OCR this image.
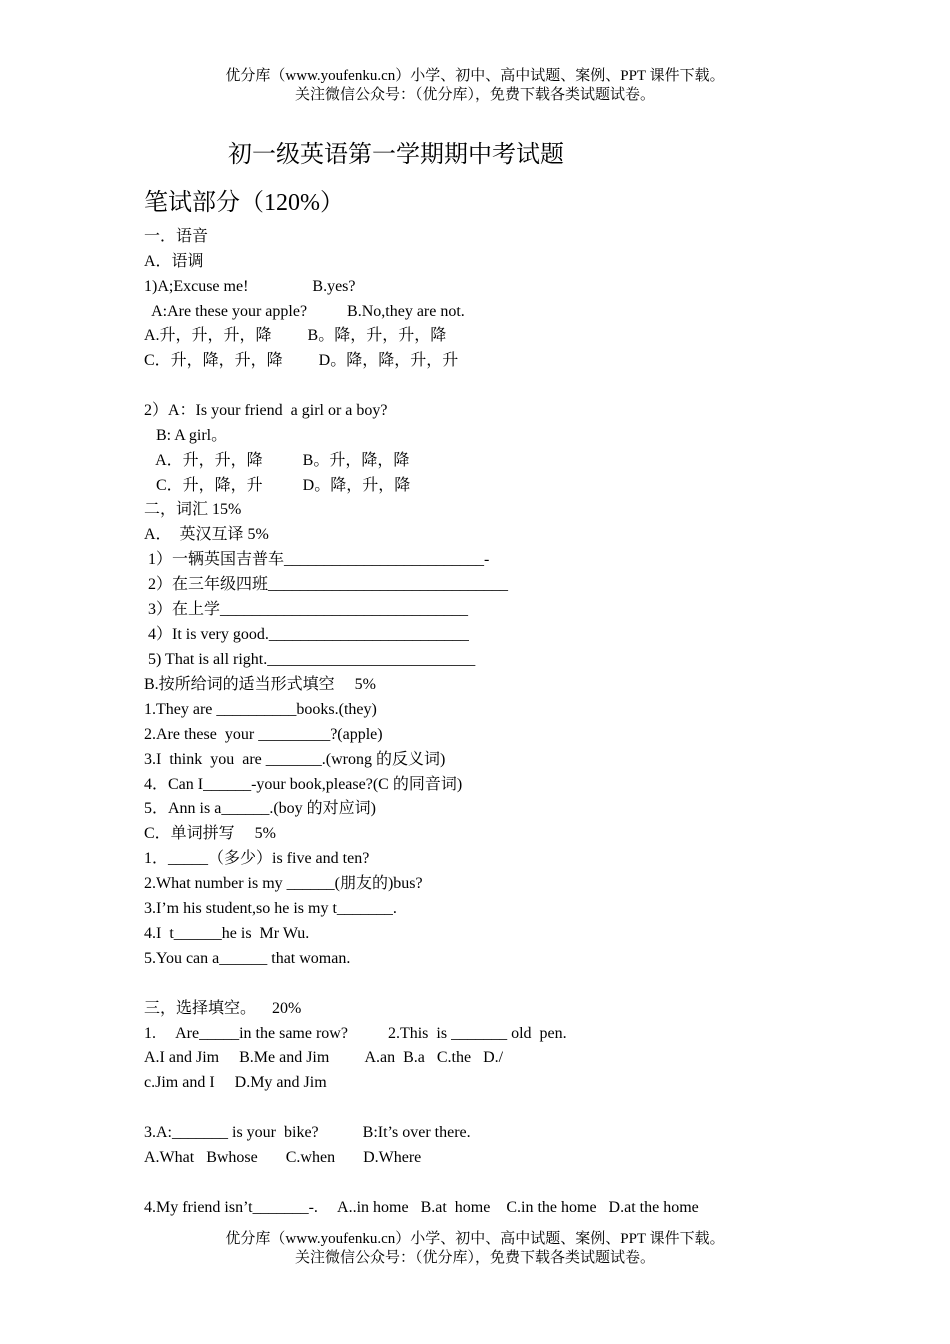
优分库（www.youfenku.cn）小学、初中、高中试题、案例、PPT 课件下载。
关注微信公众号：（优分库），免费下载各类试题试卷。
初一级英语第一学期期中考试题
笔试部分（120%）
一．语音
A．语调
1)A;Excuse me!                B.yes?
A:Are these your apple?          B.No,they are not.
A.升，升，升，降         B。降，升，升，降
C．升，降，升，降         D。降，降，升，升
2）A：Is your friend  a girl or a boy?
B: A girl。
A．升，升，降          B。升，降，降
C．升，降，升          D。降，升，降
二，词汇 15%
A．  英汉互译 5%
1）一辆英国吉普车_________________________-
2）在三年级四班______________________________
3）在上学_______________________________
4）It is very good._________________________
5) That is all right.__________________________
B.按所给词的适当形式填空     5%
1.They are __________books.(they)
2.Are these  your _________?(apple)
3.I  think  you  are _______.(wrong 的反义词)
4．Can I______-your book,please?(C 的同音词)
5．Ann is a______.(boy 的对应词)
C．单词拼写     5%
1．_____（多少）is five and ten?
2.What number is my ______(朋友的)bus?
3.I’m his student,so he is my t_______.
4.I  t______he is  Mr Wu.
5.You can a______ that woman.
三，选择填空。    20%
1.     Are_____in the same row?          2.This  is _______ old  pen.
A.I and Jim     B.Me and Jim         A.an  B.a   C.the   D./
c.Jim and I     D.My and Jim
3.A:_______ is your  bike?           B:It’s over there.
A.What   Bwhose       C.when       D.Where
4.My friend isn’t_______-.     A..in home   B.at  home    C.in the home   D.at the home
优分库（www.youfenku.cn）小学、初中、高中试题、案例、PPT 课件下载。
关注微信公众号：（优分库），免费下载各类试题试卷。
